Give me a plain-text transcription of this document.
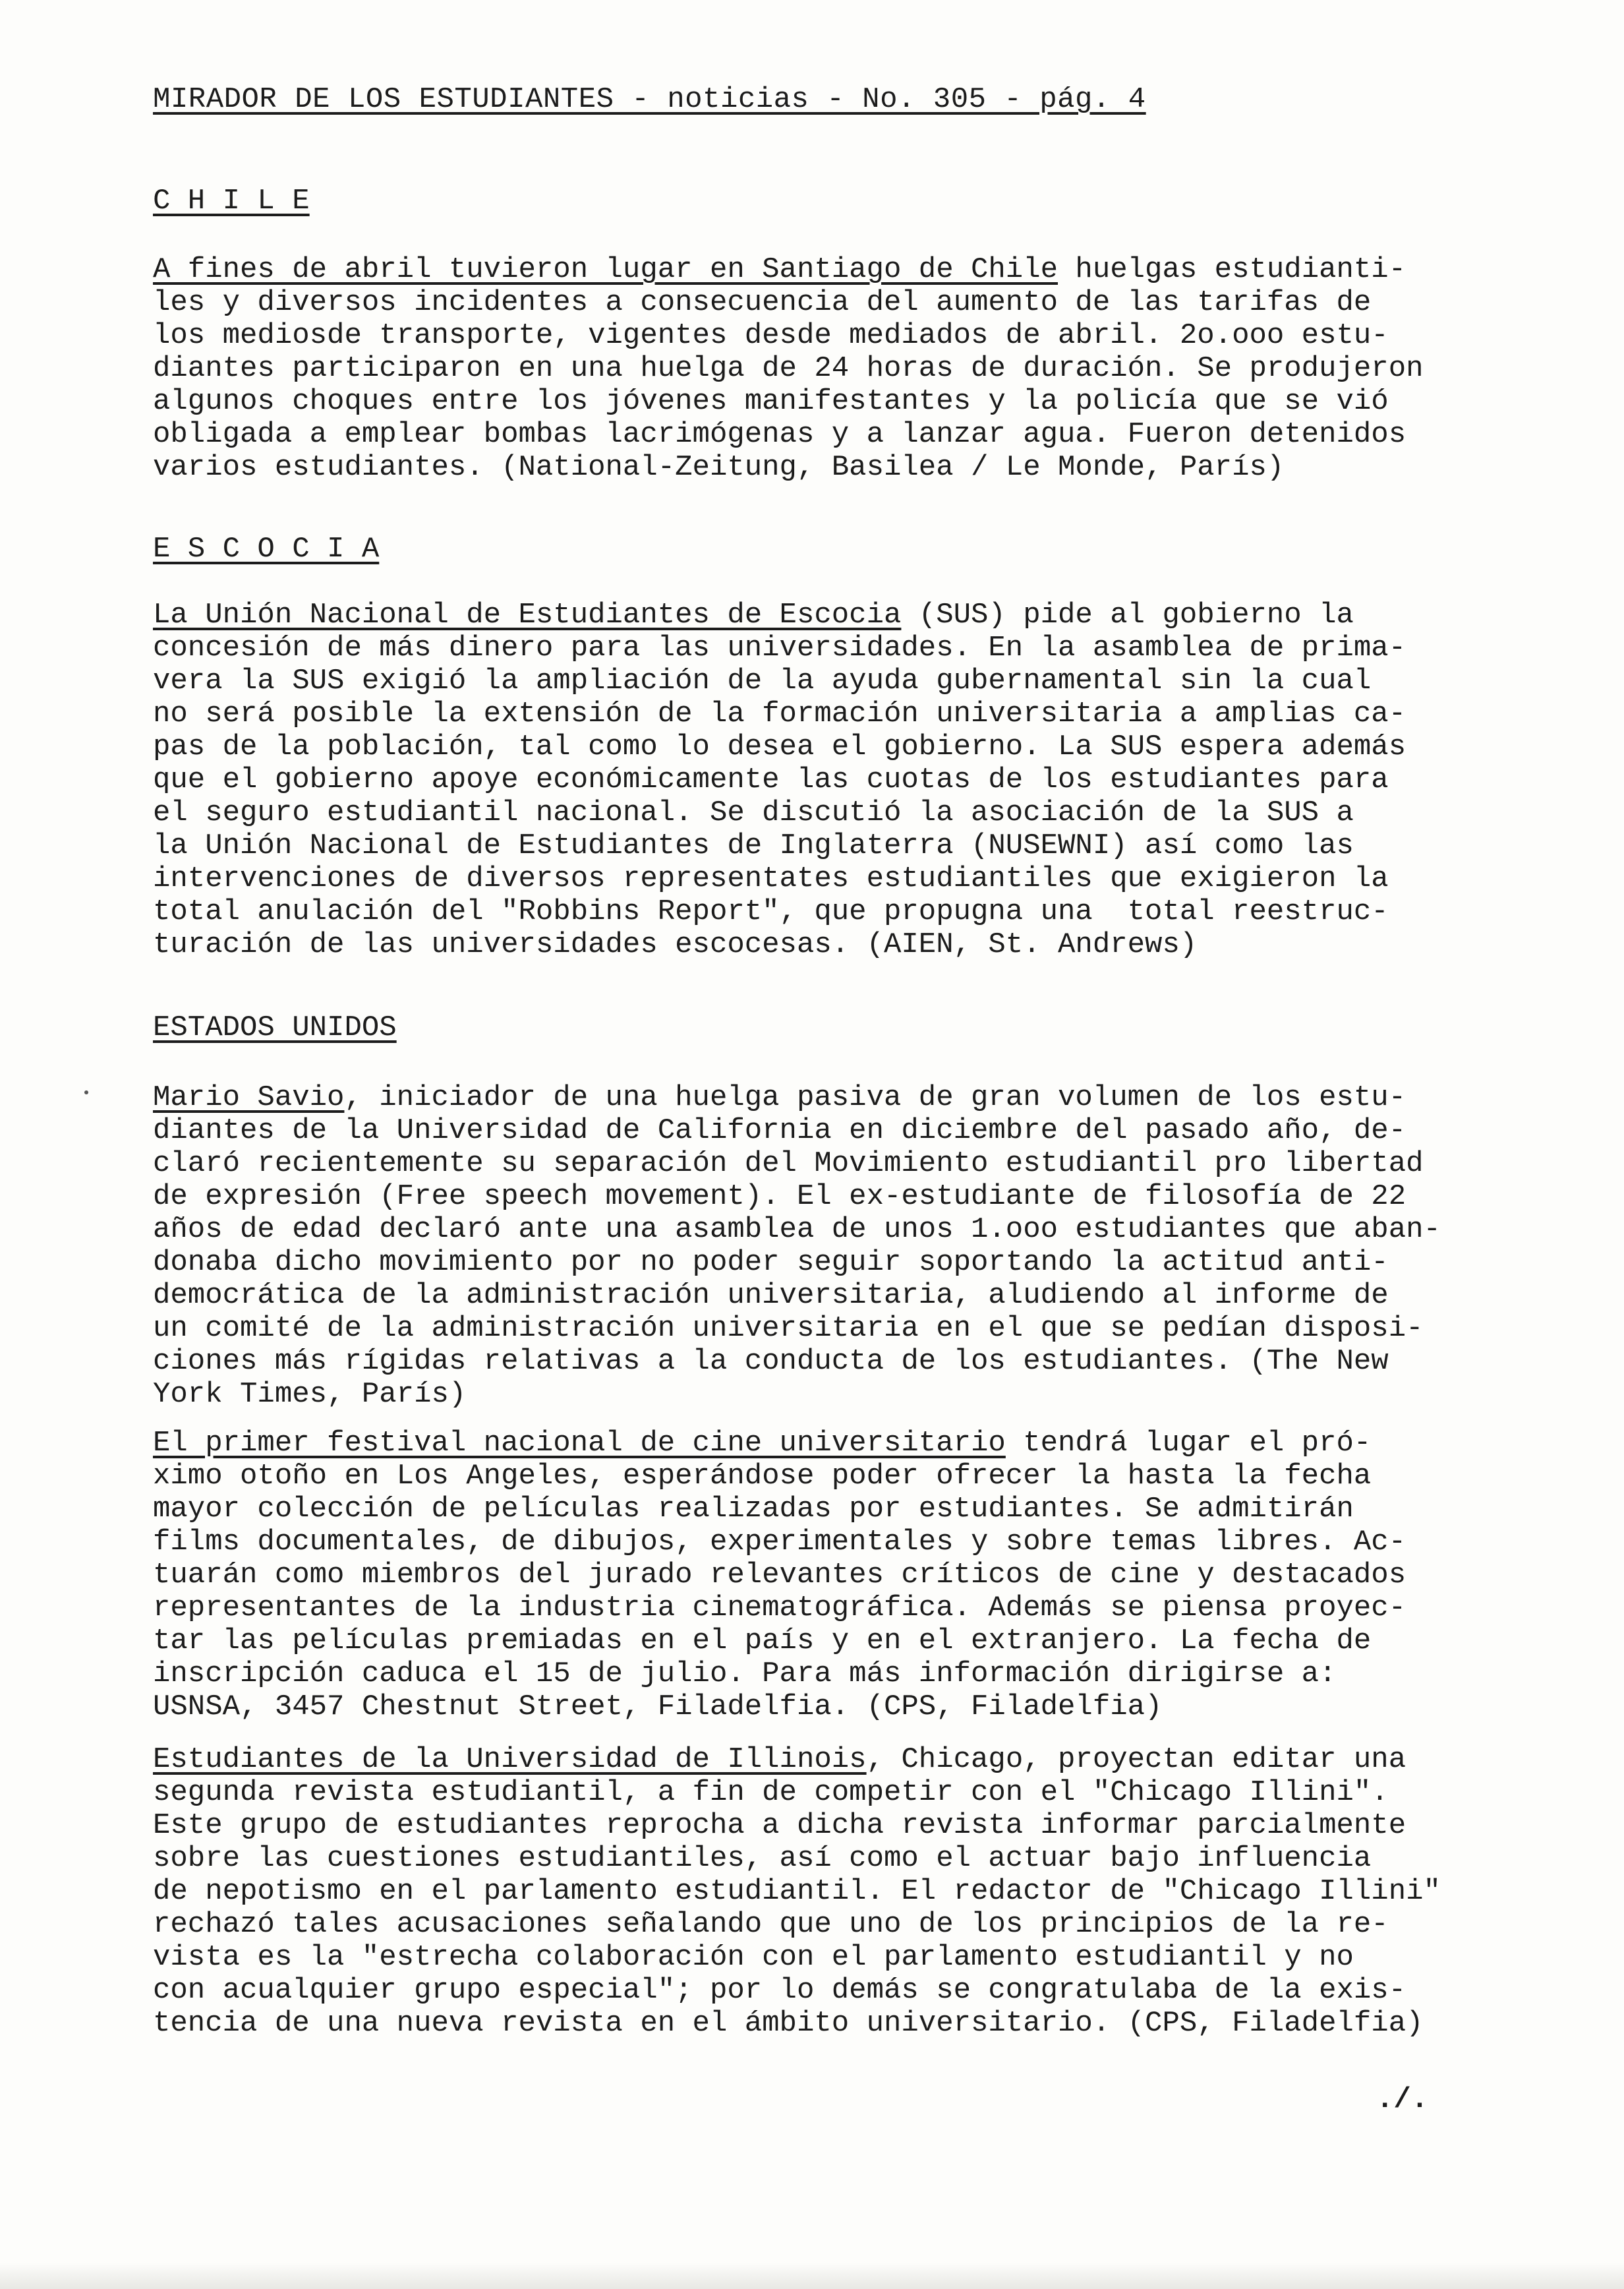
MIRADOR DE LOS ESTUDIANTES - noticias - No. 305 - pág. 4
C H I L E
A fines de abril tuvieron lugar en Santiago de Chile huelgas estudianti-
les y diversos incidentes a consecuencia del aumento de las tarifas de
los mediosde transporte, vigentes desde mediados de abril. 2o.ooo estu-
diantes participaron en una huelga de 24 horas de duración. Se produjeron
algunos choques entre los jóvenes manifestantes y la policía que se vió
obligada a emplear bombas lacrimógenas y a lanzar agua. Fueron detenidos
varios estudiantes. (National-Zeitung, Basilea / Le Monde, París)
E S C O C I A
La Unión Nacional de Estudiantes de Escocia (SUS) pide al gobierno la
concesión de más dinero para las universidades. En la asamblea de prima-
vera la SUS exigió la ampliación de la ayuda gubernamental sin la cual
no será posible la extensión de la formación universitaria a amplias ca-
pas de la población, tal como lo desea el gobierno. La SUS espera además
que el gobierno apoye económicamente las cuotas de los estudiantes para
el seguro estudiantil nacional. Se discutió la asociación de la SUS a
la Unión Nacional de Estudiantes de Inglaterra (NUSEWNI) así como las
intervenciones de diversos representates estudiantiles que exigieron la
total anulación del "Robbins Report", que propugna una  total reestruc-
turación de las universidades escocesas. (AIEN, St. Andrews)
ESTADOS UNIDOS
Mario Savio, iniciador de una huelga pasiva de gran volumen de los estu-
diantes de la Universidad de California en diciembre del pasado año, de-
claró recientemente su separación del Movimiento estudiantil pro libertad
de expresión (Free speech movement). El ex-estudiante de filosofía de 22
años de edad declaró ante una asamblea de unos 1.ooo estudiantes que aban-
donaba dicho movimiento por no poder seguir soportando la actitud anti-
democrática de la administración universitaria, aludiendo al informe de
un comité de la administración universitaria en el que se pedían disposi-
ciones más rígidas relativas a la conducta de los estudiantes. (The New
York Times, París)
El primer festival nacional de cine universitario tendrá lugar el pró-
ximo otoño en Los Angeles, esperándose poder ofrecer la hasta la fecha
mayor colección de películas realizadas por estudiantes. Se admitirán
films documentales, de dibujos, experimentales y sobre temas libres. Ac-
tuarán como miembros del jurado relevantes críticos de cine y destacados
representantes de la industria cinematográfica. Además se piensa proyec-
tar las películas premiadas en el país y en el extranjero. La fecha de
inscripción caduca el 15 de julio. Para más información dirigirse a:
USNSA, 3457 Chestnut Street, Filadelfia. (CPS, Filadelfia)
Estudiantes de la Universidad de Illinois, Chicago, proyectan editar una
segunda revista estudiantil, a fin de competir con el "Chicago Illini".
Este grupo de estudiantes reprocha a dicha revista informar parcialmente
sobre las cuestiones estudiantiles, así como el actuar bajo influencia
de nepotismo en el parlamento estudiantil. El redactor de "Chicago Illini"
rechazó tales acusaciones señalando que uno de los principios de la re-
vista es la "estrecha colaboración con el parlamento estudiantil y no
con acualquier grupo especial"; por lo demás se congratulaba de la exis-
tencia de una nueva revista en el ámbito universitario. (CPS, Filadelfia)
./.
